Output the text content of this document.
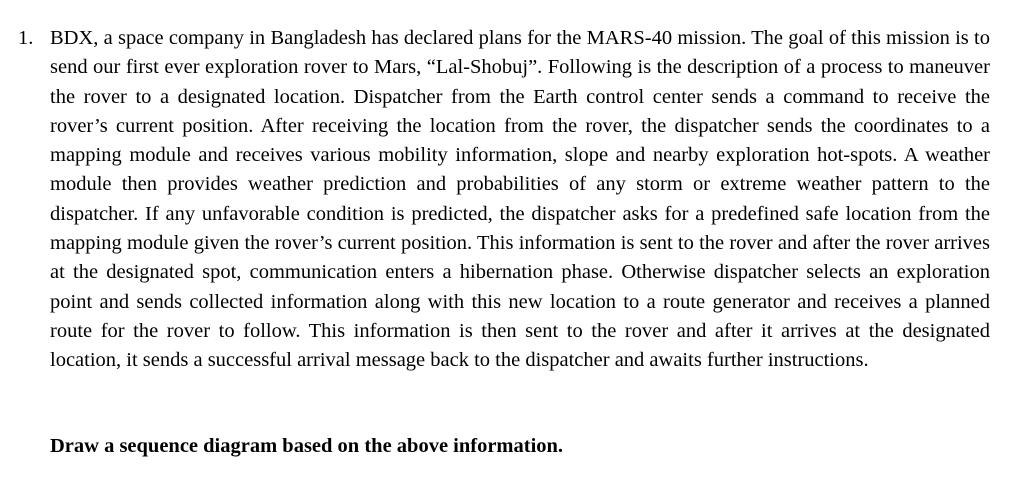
1. BDX, a space company in Bangladesh has declared plans for the MARS-40 mission. The goal of this mission is to send our first ever exploration rover to Mars, “Lal-Shobuj”. Following is the description of a process to maneuver the rover to a designated location. Dispatcher from the Earth control center sends a command to receive the rover’s current position. After receiving the location from the rover, the dispatcher sends the coordinates to a mapping module and receives various mobility information, slope and nearby exploration hot-spots. A weather module then provides weather prediction and probabilities of any storm or extreme weather pattern to the dispatcher. If any unfavorable condition is predicted, the dispatcher asks for a predefined safe location from the mapping module given the rover’s current position. This information is sent to the rover and after the rover arrives at the designated spot, communication enters a hibernation phase. Otherwise dispatcher selects an exploration point and sends collected information along with this new location to a route generator and receives a planned route for the rover to follow. This information is then sent to the rover and after it arrives at the designated location, it sends a successful arrival message back to the dispatcher and awaits further instructions.
Draw a sequence diagram based on the above information.
